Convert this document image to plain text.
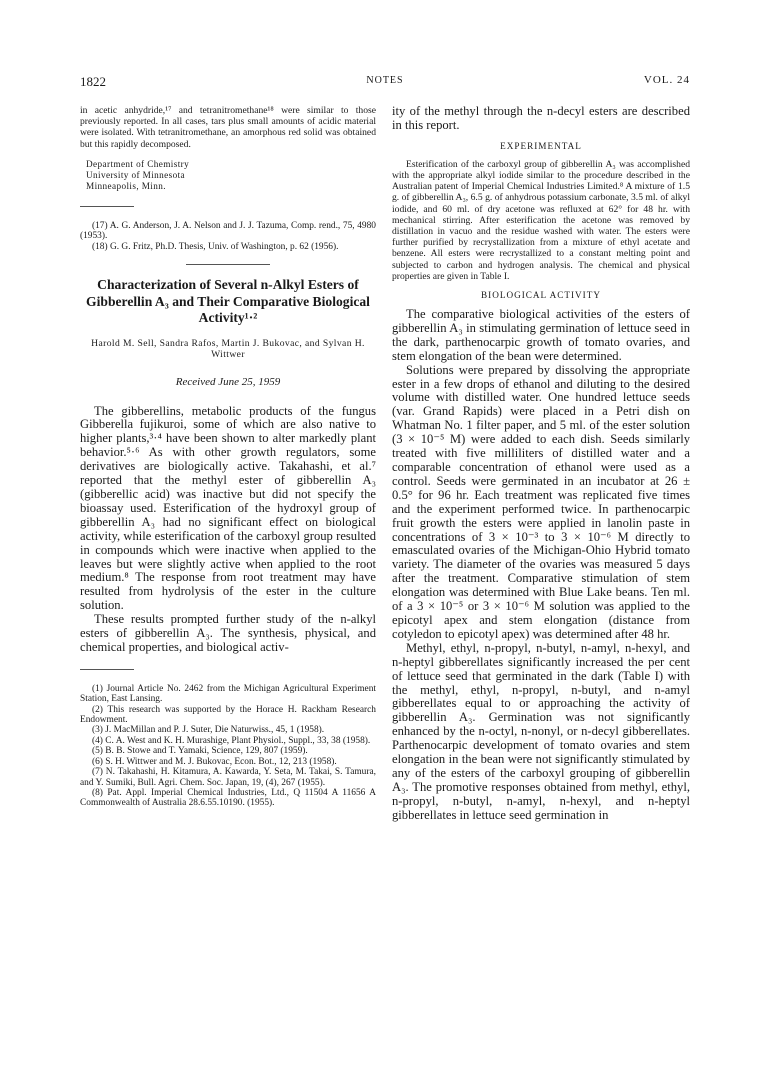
1822	NOTES	VOL. 24

in acetic anhydride,¹⁷ and tetranitromethane¹⁸ were similar to those previously reported. In all cases, tars plus small amounts of acidic material were isolated. With tetranitromethane, an amorphous red solid was obtained but this rapidly decomposed.

Department of Chemistry

University of Minnesota

Minneapolis, Minn.

(17) A. G. Anderson, J. A. Nelson and J. J. Tazuma, Comp. rend., 75, 4980 (1953).

(18) G. G. Fritz, Ph.D. Thesis, Univ. of Washington, p. 62 (1956).

Characterization of Several n-Alkyl Esters of Gibberellin A₃ and Their Comparative Biological Activity¹·²

Harold M. Sell, Sandra Rafos, Martin J. Bukovac, and Sylvan H. Wittwer

Received June 25, 1959

The gibberellins, metabolic products of the fungus Gibberella fujikuroi, some of which are also native to higher plants,³·⁴ have been shown to alter markedly plant behavior.⁵·⁶ As with other growth regulators, some derivatives are biologically active. Takahashi, et al.⁷ reported that the methyl ester of gibberellin A₃ (gibberellic acid) was inactive but did not specify the bioassay used. Esterification of the hydroxyl group of gibberellin A₃ had no significant effect on biological activity, while esterification of the carboxyl group resulted in compounds which were inactive when applied to the leaves but were slightly active when applied to the root medium.⁸ The response from root treatment may have resulted from hydrolysis of the ester in the culture solution.

These results prompted further study of the n-alkyl esters of gibberellin A₃. The synthesis, physical, and chemical properties, and biological activ-

(1) Journal Article No. 2462 from the Michigan Agricultural Experiment Station, East Lansing.

(2) This research was supported by the Horace H. Rackham Research Endowment.

(3) J. MacMillan and P. J. Suter, Die Naturwiss., 45, 1 (1958).

(4) C. A. West and K. H. Murashige, Plant Physiol., Suppl., 33, 38 (1958).

(5) B. B. Stowe and T. Yamaki, Science, 129, 807 (1959).

(6) S. H. Wittwer and M. J. Bukovac, Econ. Bot., 12, 213 (1958).

(7) N. Takahashi, H. Kitamura, A. Kawarda, Y. Seta, M. Takai, S. Tamura, and Y. Sumiki, Bull. Agri. Chem. Soc. Japan, 19, (4), 267 (1955).

(8) Pat. Appl. Imperial Chemical Industries, Ltd., Q 11504 A 11656 A Commonwealth of Australia 28.6.55.10190. (1955).

ity of the methyl through the n-decyl esters are described in this report.

EXPERIMENTAL

Esterification of the carboxyl group of gibberellin A₃ was accomplished with the appropriate alkyl iodide similar to the procedure described in the Australian patent of Imperial Chemical Industries Limited.⁸ A mixture of 1.5 g. of gibberellin A₃, 6.5 g. of anhydrous potassium carbonate, 3.5 ml. of alkyl iodide, and 60 ml. of dry acetone was refluxed at 62° for 48 hr. with mechanical stirring. After esterification the acetone was removed by distillation in vacuo and the residue washed with water. The esters were further purified by recrystallization from a mixture of ethyl acetate and benzene. All esters were recrystallized to a constant melting point and subjected to carbon and hydrogen analysis. The chemical and physical properties are given in Table I.

BIOLOGICAL ACTIVITY

The comparative biological activities of the esters of gibberellin A₃ in stimulating germination of lettuce seed in the dark, parthenocarpic growth of tomato ovaries, and stem elongation of the bean were determined.

Solutions were prepared by dissolving the appropriate ester in a few drops of ethanol and diluting to the desired volume with distilled water. One hundred lettuce seeds (var. Grand Rapids) were placed in a Petri dish on Whatman No. 1 filter paper, and 5 ml. of the ester solution (3 × 10⁻⁵ M) were added to each dish. Seeds similarly treated with five milliliters of distilled water and a comparable concentration of ethanol were used as a control. Seeds were germinated in an incubator at 26 ± 0.5° for 96 hr. Each treatment was replicated five times and the experiment performed twice. In parthenocarpic fruit growth the esters were applied in lanolin paste in concentrations of 3 × 10⁻³ to 3 × 10⁻⁶ M directly to emasculated ovaries of the Michigan-Ohio Hybrid tomato variety. The diameter of the ovaries was measured 5 days after the treatment. Comparative stimulation of stem elongation was determined with Blue Lake beans. Ten ml. of a 3 × 10⁻⁵ or 3 × 10⁻⁶ M solution was applied to the epicotyl apex and stem elongation (distance from cotyledon to epicotyl apex) was determined after 48 hr.

Methyl, ethyl, n-propyl, n-butyl, n-amyl, n-hexyl, and n-heptyl gibberellates significantly increased the per cent of lettuce seed that germinated in the dark (Table I) with the methyl, ethyl, n-propyl, n-butyl, and n-amyl gibberellates equal to or approaching the activity of gibberellin A₃. Germination was not significantly enhanced by the n-octyl, n-nonyl, or n-decyl gibberellates. Parthenocarpic development of tomato ovaries and stem elongation in the bean were not significantly stimulated by any of the esters of the carboxyl grouping of gibberellin A₃. The promotive responses obtained from methyl, ethyl, n-propyl, n-butyl, n-amyl, n-hexyl, and n-heptyl gibberellates in lettuce seed germination in
